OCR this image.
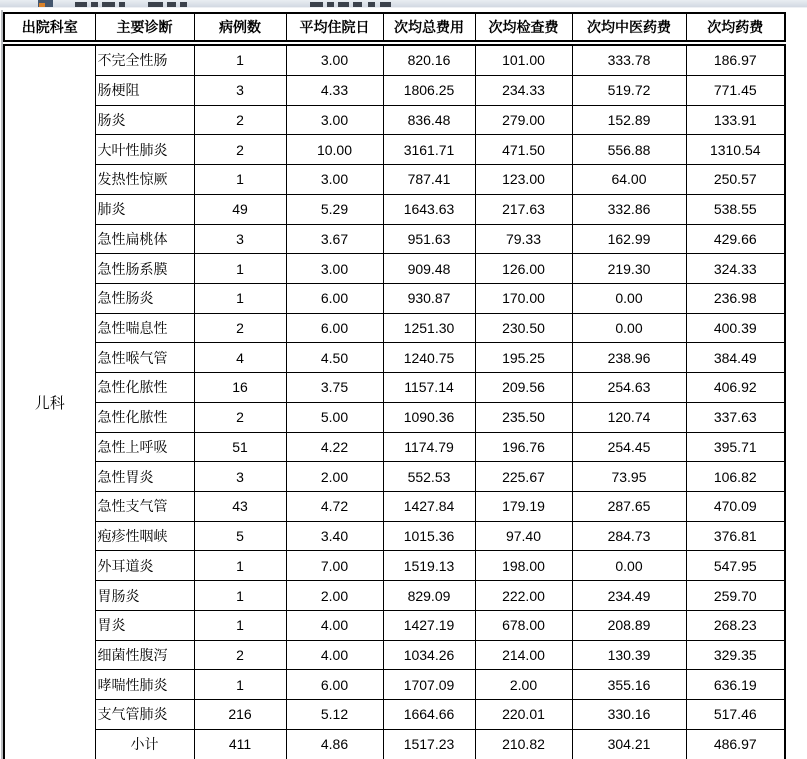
出院科室	主要诊断	病例数	平均住院日	次均总费用	次均检查费	次均中医药费	次均药费
儿科	不完全性肠	1	3.00	820.16	101.00	333.78	186.97
	肠梗阻	3	4.33	1806.25	234.33	519.72	771.45
	肠炎	2	3.00	836.48	279.00	152.89	133.91
	大叶性肺炎	2	10.00	3161.71	471.50	556.88	1310.54
	发热性惊厥	1	3.00	787.41	123.00	64.00	250.57
	肺炎	49	5.29	1643.63	217.63	332.86	538.55
	急性扁桃体	3	3.67	951.63	79.33	162.99	429.66
	急性肠系膜	1	3.00	909.48	126.00	219.30	324.33
	急性肠炎	1	6.00	930.87	170.00	0.00	236.98
	急性喘息性	2	6.00	1251.30	230.50	0.00	400.39
	急性喉气管	4	4.50	1240.75	195.25	238.96	384.49
	急性化脓性	16	3.75	1157.14	209.56	254.63	406.92
	急性化脓性	2	5.00	1090.36	235.50	120.74	337.63
	急性上呼吸	51	4.22	1174.79	196.76	254.45	395.71
	急性胃炎	3	2.00	552.53	225.67	73.95	106.82
	急性支气管	43	4.72	1427.84	179.19	287.65	470.09
	疱疹性咽峡	5	3.40	1015.36	97.40	284.73	376.81
	外耳道炎	1	7.00	1519.13	198.00	0.00	547.95
	胃肠炎	1	2.00	829.09	222.00	234.49	259.70
	胃炎	1	4.00	1427.19	678.00	208.89	268.23
	细菌性腹泻	2	4.00	1034.26	214.00	130.39	329.35
	哮喘性肺炎	1	6.00	1707.09	2.00	355.16	636.19
	支气管肺炎	216	5.12	1664.66	220.01	330.16	517.46
	小计	411	4.86	1517.23	210.82	304.21	486.97
